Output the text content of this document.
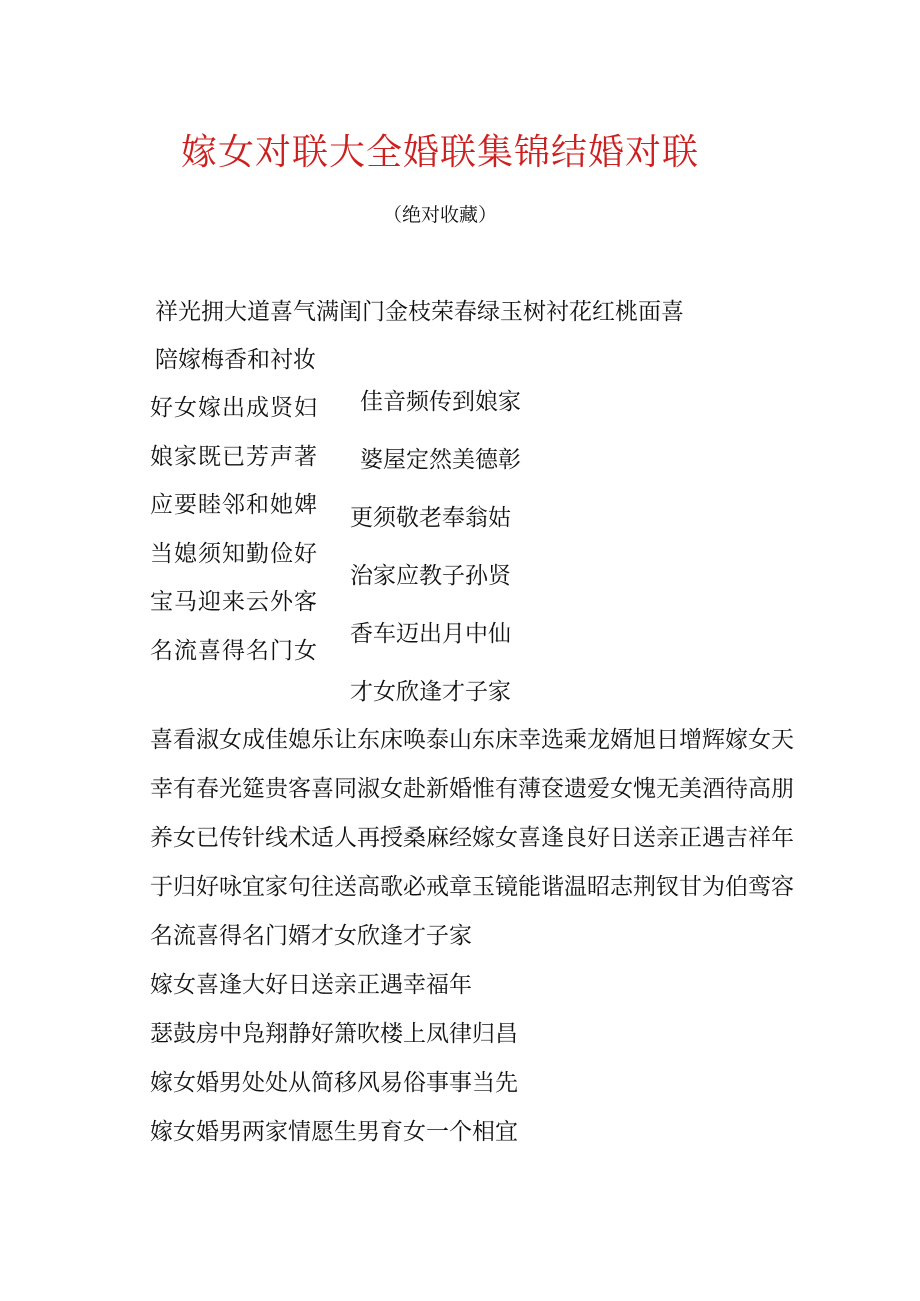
嫁女对联大全婚联集锦结婚对联
（绝对收藏）
祥光拥大道喜气满闺门金枝荣春绿玉树衬花红桃面喜
陪嫁梅香和衬妆
好女嫁出成贤妇
娘家既已芳声著
应要睦邻和她婢
当媳须知勤俭好
宝马迎来云外客
名流喜得名门女
佳音频传到娘家
婆屋定然美德彰
更须敬老奉翁姑
治家应教子孙贤
香车迈出月中仙
才女欣逢才子家
喜看淑女成佳媳乐让东床唤泰山东床幸选乘龙婿旭日增辉嫁女天
幸有春光筵贵客喜同淑女赴新婚惟有薄奁遗爱女愧无美酒待高朋
养女已传针线术适人再授桑麻经嫁女喜逢良好日送亲正遇吉祥年
于归好咏宜家句往送高歌必戒章玉镜能谐温昭志荆钗甘为伯鸾容
名流喜得名门婿才女欣逢才子家
嫁女喜逢大好日送亲正遇幸福年
瑟鼓房中凫翔静好箫吹楼上凤律归昌
嫁女婚男处处从简移风易俗事事当先
嫁女婚男两家情愿生男育女一个相宜
